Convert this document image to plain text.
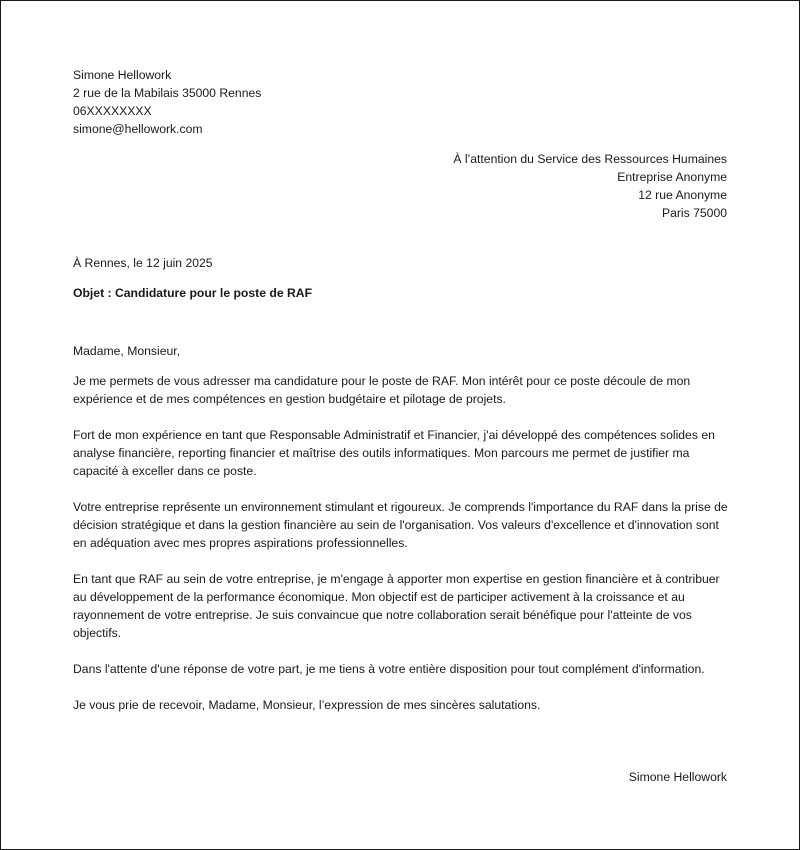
Simone Hellowork
2 rue de la Mabilais 35000 Rennes
06XXXXXXXX
simone@hellowork.com
À l’attention du Service des Ressources Humaines
Entreprise Anonyme
12 rue Anonyme
Paris 75000
À Rennes, le 12 juin 2025
Objet : Candidature pour le poste de RAF

Madame, Monsieur,

Je me permets de vous adresser ma candidature pour le poste de RAF. Mon intérêt pour ce poste découle de mon expérience et de mes compétences en gestion budgétaire et pilotage de projets.

Fort de mon expérience en tant que Responsable Administratif et Financier, j'ai développé des compétences solides en analyse financière, reporting financier et maîtrise des outils informatiques. Mon parcours me permet de justifier ma capacité à exceller dans ce poste.

Votre entreprise représente un environnement stimulant et rigoureux. Je comprends l'importance du RAF dans la prise de décision stratégique et dans la gestion financière au sein de l'organisation. Vos valeurs d'excellence et d'innovation sont en adéquation avec mes propres aspirations professionnelles.

En tant que RAF au sein de votre entreprise, je m'engage à apporter mon expertise en gestion financière et à contribuer au développement de la performance économique. Mon objectif est de participer activement à la croissance et au rayonnement de votre entreprise. Je suis convaincue que notre collaboration serait bénéfique pour l'atteinte de vos objectifs.

Dans l'attente d'une réponse de votre part, je me tiens à votre entière disposition pour tout complément d'information.

Je vous prie de recevoir, Madame, Monsieur, l’expression de mes sincères salutations.

Simone Hellowork
